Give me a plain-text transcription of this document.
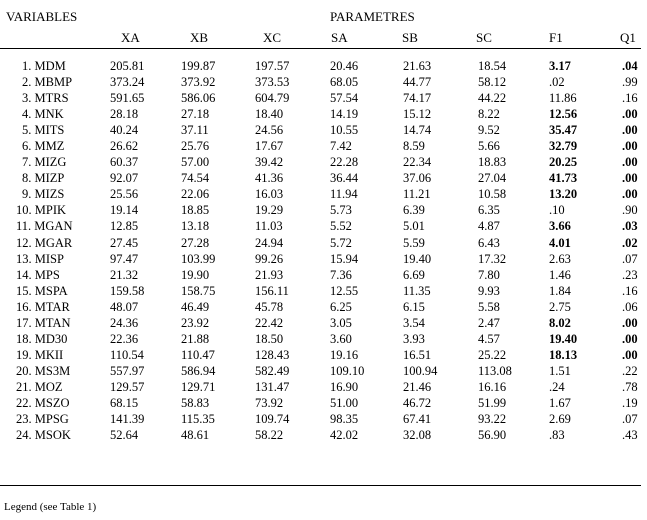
VARIABLES	PARAMETRES
XA	XB	XC	SA	SB	SC	F1	Q1
1. MDM	205.81	199.87	197.57	20.46	21.63	18.54	3.17	.04
2. MBMP	373.24	373.92	373.53	68.05	44.77	58.12	.02	.99
3. MTRS	591.65	586.06	604.79	57.54	74.17	44.22	11.86	.16
4. MNK	28.18	27.18	18.40	14.19	15.12	8.22	12.56	.00
5. MITS	40.24	37.11	24.56	10.55	14.74	9.52	35.47	.00
6. MMZ	26.62	25.76	17.67	7.42	8.59	5.66	32.79	.00
7. MIZG	60.37	57.00	39.42	22.28	22.34	18.83	20.25	.00
8. MIZP	92.07	74.54	41.36	36.44	37.06	27.04	41.73	.00
9. MIZS	25.56	22.06	16.03	11.94	11.21	10.58	13.20	.00
10. MPIK	19.14	18.85	19.29	5.73	6.39	6.35	.10	.90
11. MGAN	12.85	13.18	11.03	5.52	5.01	4.87	3.66	.03
12. MGAR	27.45	27.28	24.94	5.72	5.59	6.43	4.01	.02
13. MISP	97.47	103.99	99.26	15.94	19.40	17.32	2.63	.07
14. MPS	21.32	19.90	21.93	7.36	6.69	7.80	1.46	.23
15. MSPA	159.58	158.75	156.11	12.55	11.35	9.93	1.84	.16
16. MTAR	48.07	46.49	45.78	6.25	6.15	5.58	2.75	.06
17. MTAN	24.36	23.92	22.42	3.05	3.54	2.47	8.02	.00
18. MD30	22.36	21.88	18.50	3.60	3.93	4.57	19.40	.00
19. MKII	110.54	110.47	128.43	19.16	16.51	25.22	18.13	.00
20. MS3M	557.97	586.94	582.49	109.10	100.94	113.08	1.51	.22
21. MOZ	129.57	129.71	131.47	16.90	21.46	16.16	.24	.78
22. MSZO	68.15	58.83	73.92	51.00	46.72	51.99	1.67	.19
23. MPSG	141.39	115.35	109.74	98.35	67.41	93.22	2.69	.07
24. MSOK	52.64	48.61	58.22	42.02	32.08	56.90	.83	.43
Legend (see Table 1)
